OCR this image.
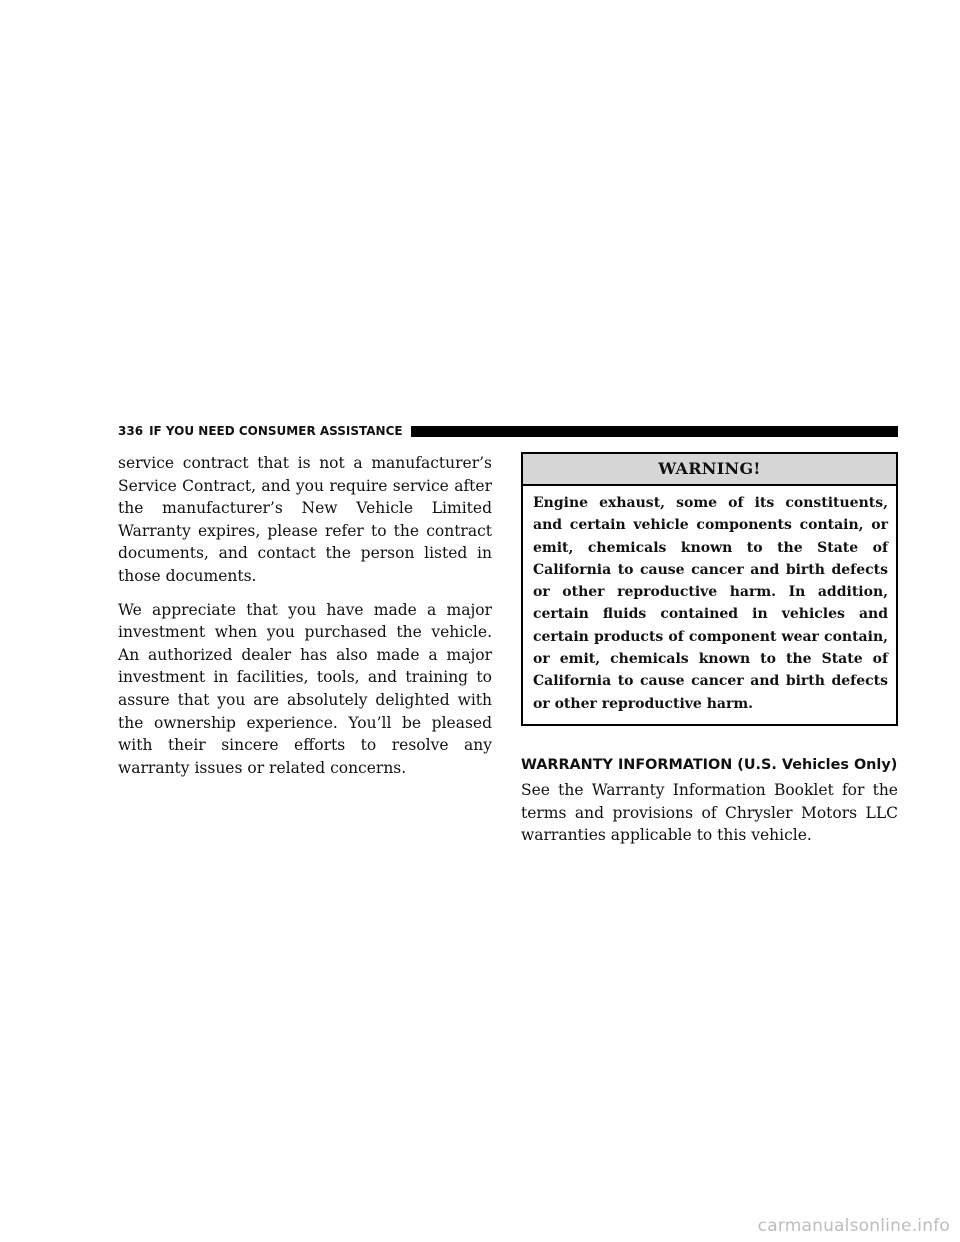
336 IF YOU NEED CONSUMER ASSISTANCE

service contract that is not a manufacturer’s Service Contract, and you require service after the manufacturer’s New Vehicle Limited Warranty expires, please refer to the contract documents, and contact the person listed in those documents.

We appreciate that you have made a major investment when you purchased the vehicle. An authorized dealer has also made a major investment in facilities, tools, and training to assure that you are absolutely delighted with the ownership experience. You’ll be pleased with their sincere efforts to resolve any warranty issues or related concerns.

WARNING!
Engine exhaust, some of its constituents, and certain vehicle components contain, or emit, chemicals known to the State of California to cause cancer and birth defects or other reproductive harm. In addition, certain fluids contained in vehicles and certain products of component wear contain, or emit, chemicals known to the State of California to cause cancer and birth defects or other reproductive harm.
WARRANTY INFORMATION (U.S. Vehicles Only)

See the Warranty Information Booklet for the terms and provisions of Chrysler Motors LLC warranties applicable to this vehicle.

carmanualsonline.info
